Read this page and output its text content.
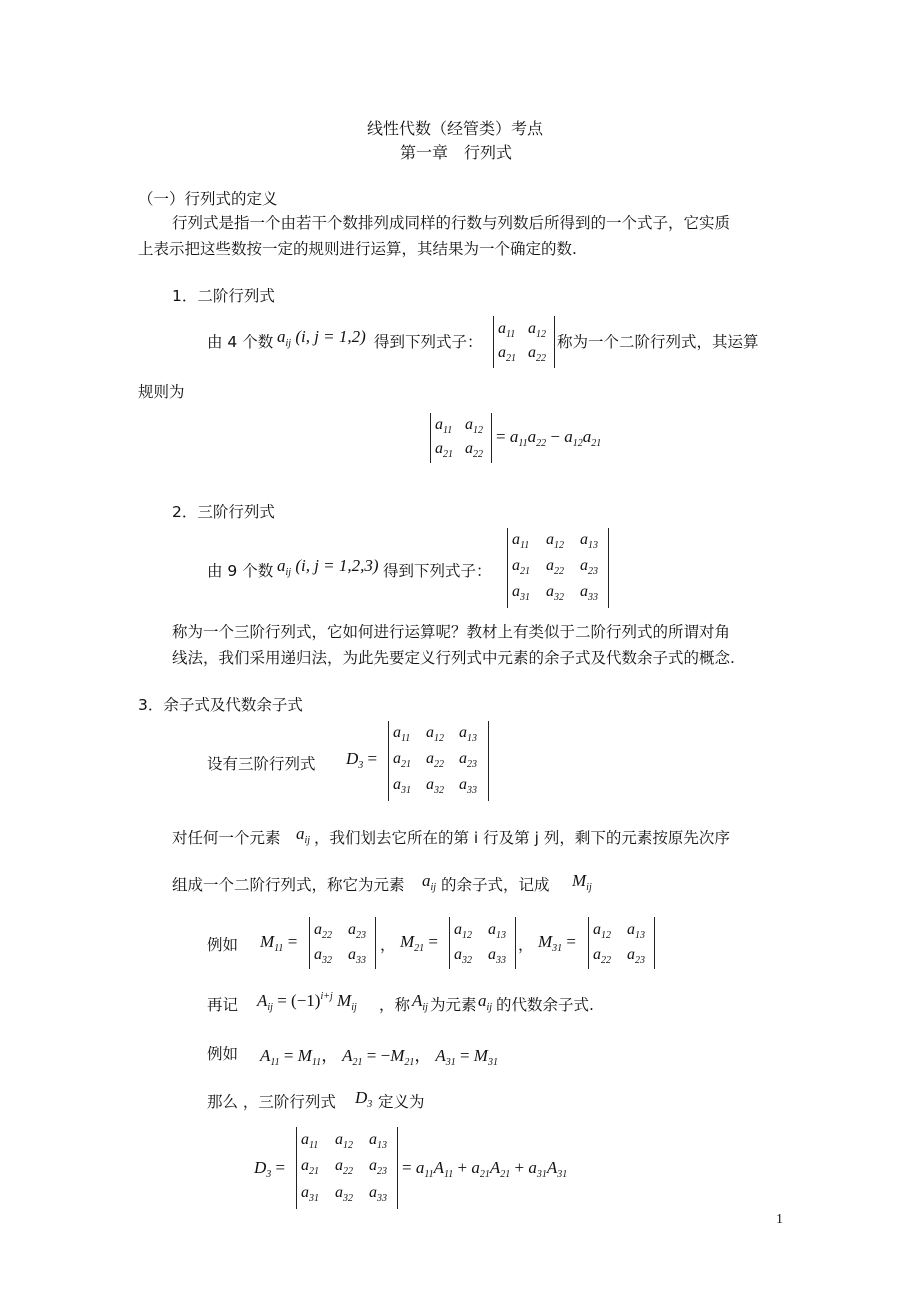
线性代数（经管类）考点
第一章　行列式
（一）行列式的定义
行列式是指一个由若干个数排列成同样的行数与列数后所得到的一个式子，它实质
上表示把这些数按一定的规则进行运算，其结果为一个确定的数.
1．二阶行列式
由 4 个数 $a_{ij}$ (i, j = 1,2) 得到下列式子：
$a_{11}$ $a_{12}$
$a_{21}$ $a_{22}$
称为一个二阶行列式，其运算
规则为
$a_{11}$ $a_{12}$
$a_{21}$ $a_{22}$
= $a_{11}a_{22} - a_{12}a_{21}$
2．三阶行列式
由 9 个数 $a_{ij}$ (i, j = 1,2,3) 得到下列式子：
$a_{11}$ $a_{12}$ $a_{13}$
$a_{21}$ $a_{22}$ $a_{23}$
$a_{31}$ $a_{32}$ $a_{33}$
称为一个三阶行列式，它如何进行运算呢？教材上有类似于二阶行列式的所谓对角
线法，我们采用递归法，为此先要定义行列式中元素的余子式及代数余子式的概念.
3．余子式及代数余子式
设有三阶行列式 $D_3$ =
$a_{11}$ $a_{12}$ $a_{13}$
$a_{21}$ $a_{22}$ $a_{23}$
$a_{31}$ $a_{32}$ $a_{33}$
对任何一个元素 $a_{ij}$ ，我们划去它所在的第 i 行及第 j 列，剩下的元素按原先次序
组成一个二阶行列式，称它为元素 $a_{ij}$ 的余子式，记成 $M_{ij}$
例如 $M_{11}$ =
$a_{22}$ $a_{23}$
$a_{32}$ $a_{33}$
， $M_{21}$ =
$a_{12}$ $a_{13}$
$a_{32}$ $a_{33}$
， $M_{31}$ =
$a_{12}$ $a_{13}$
$a_{22}$ $a_{23}$
再记 $A_{ij} = (-1)^{i+j}$ $M_{ij}$ ，称 $A_{ij}$ 为元素 $a_{ij}$ 的代数余子式.
例如 $A_{11} = M_{11}$， $A_{21} = -M_{21}$， $A_{31} = M_{31}$
那么 ，三阶行列式 $D_3$ 定义为
$D_3$ =
$a_{11}$ $a_{12}$ $a_{13}$
$a_{21}$ $a_{22}$ $a_{23}$
$a_{31}$ $a_{32}$ $a_{33}$
= $a_{11}A_{11} + a_{21}A_{21} + a_{31}A_{31}$
1
